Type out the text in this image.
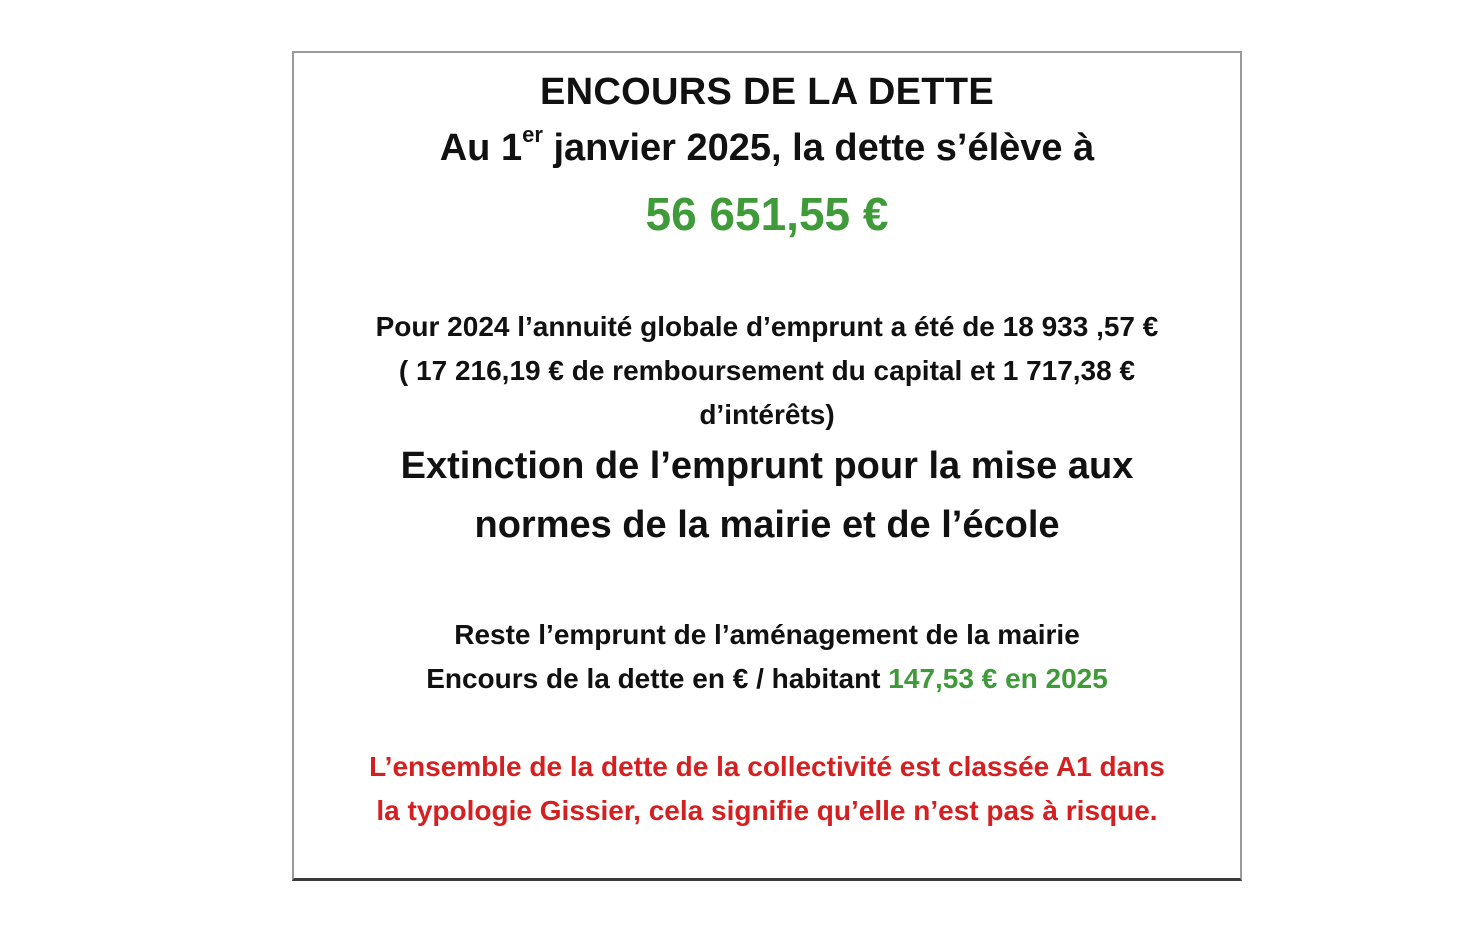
ENCOURS DE LA DETTE
Au 1er janvier 2025, la dette s’élève à
56 651,55 €
Pour 2024 l’annuité globale d’emprunt a été de 18 933 ,57 €
( 17 216,19 € de remboursement du capital et 1 717,38 €
d’intérêts)
Extinction de l’emprunt pour la mise aux
normes de la mairie et de l’école
Reste l’emprunt de l’aménagement de la mairie
Encours de la dette en € / habitant 147,53 € en 2025
L’ensemble de la dette de la collectivité est classée A1 dans
la typologie Gissier, cela signifie qu’elle n’est pas à risque.
